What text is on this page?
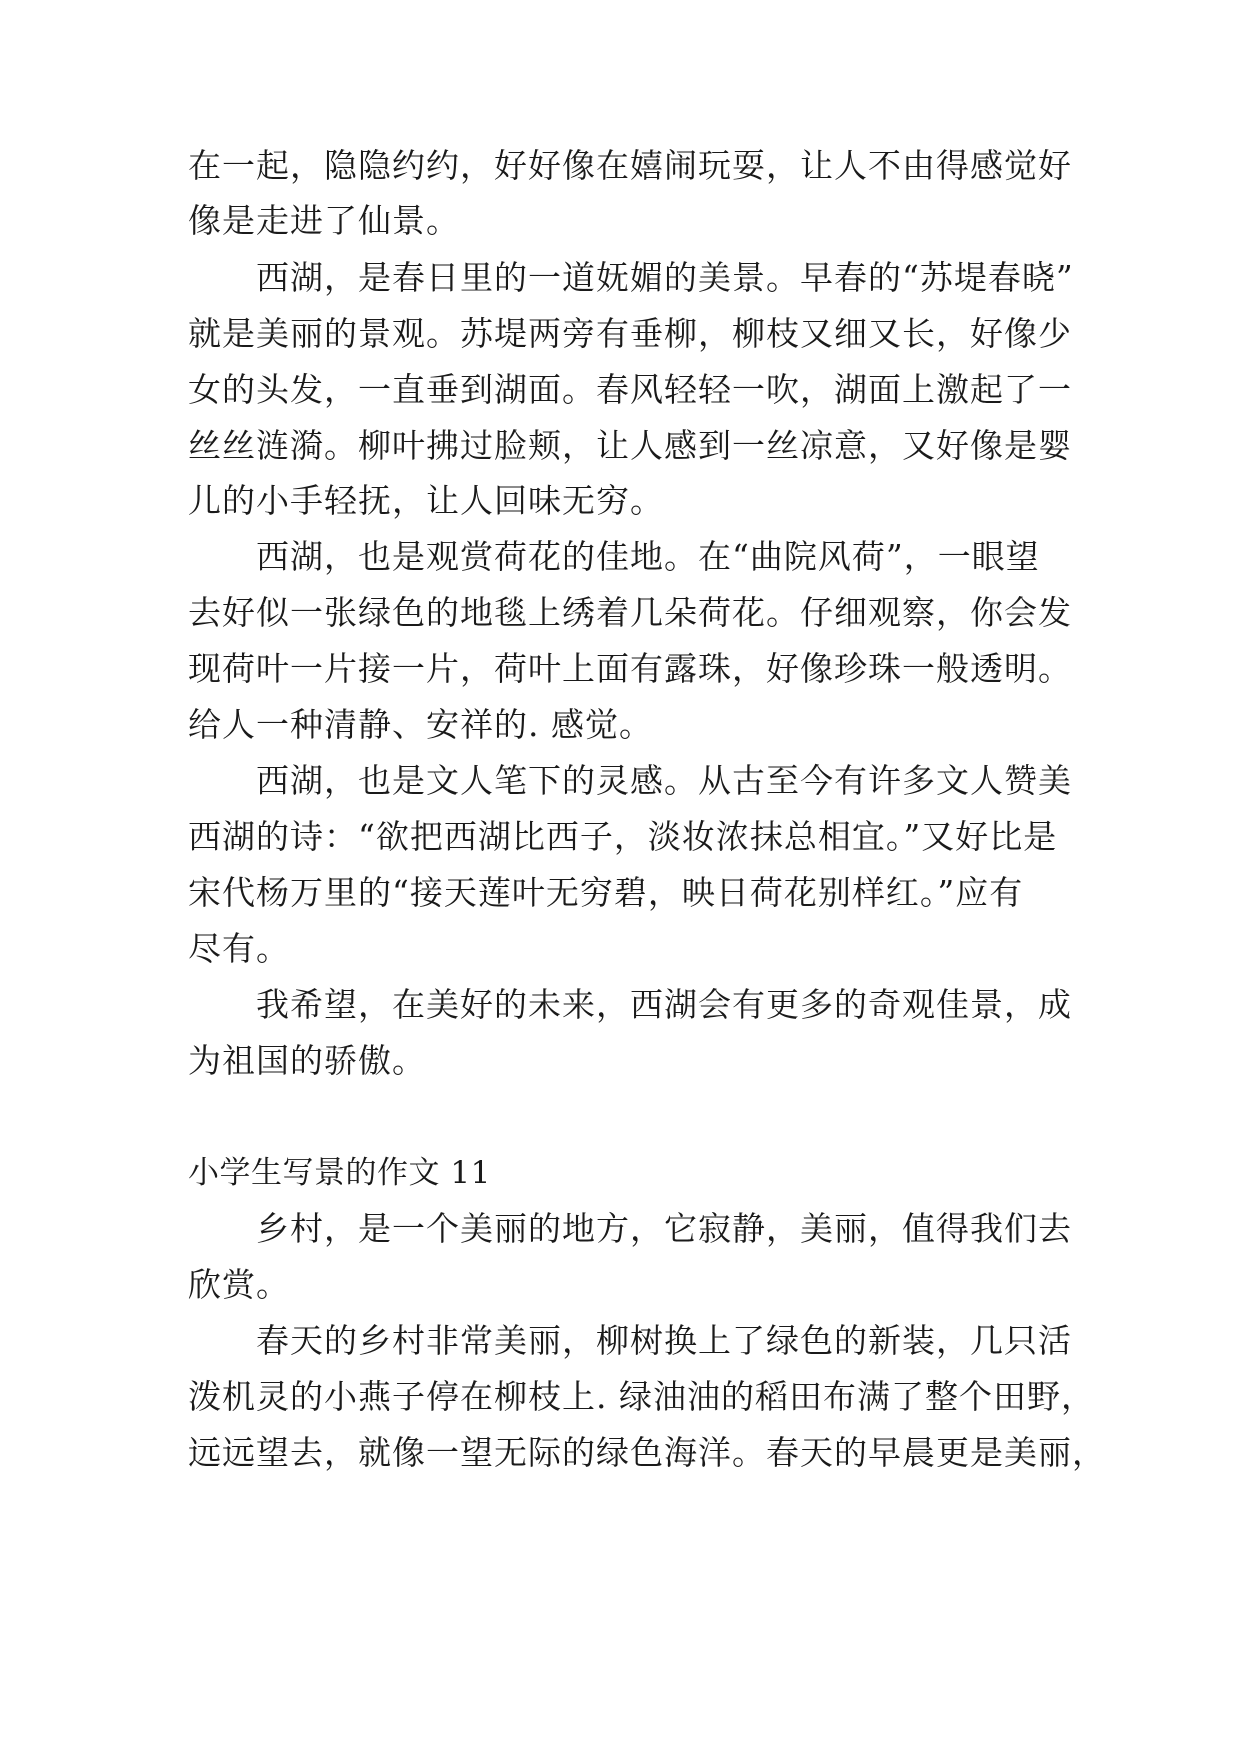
在一起，隐隐约约，好好像在嬉闹玩耍，让人不由得感觉好
像是走进了仙景。
西湖，是春日里的一道妩媚的美景。早春的“苏堤春晓”
就是美丽的景观。苏堤两旁有垂柳，柳枝又细又长，好像少
女的头发，一直垂到湖面。春风轻轻一吹，湖面上激起了一
丝丝涟漪。柳叶拂过脸颊，让人感到一丝凉意，又好像是婴
儿的小手轻抚，让人回味无穷。
西湖，也是观赏荷花的佳地。在“曲院风荷”，一眼望
去好似一张绿色的地毯上绣着几朵荷花。仔细观察，你会发
现荷叶一片接一片，荷叶上面有露珠，好像珍珠一般透明。
给人一种清静、安祥的. 感觉。
西湖，也是文人笔下的灵感。从古至今有许多文人赞美
西湖的诗：“欲把西湖比西子，淡妆浓抹总相宜。”又好比是
宋代杨万里的“接天莲叶无穷碧，映日荷花别样红。”应有
尽有。
我希望，在美好的未来，西湖会有更多的奇观佳景，成
为祖国的骄傲。
小学生写景的作文 11
乡村，是一个美丽的地方，它寂静，美丽，值得我们去
欣赏。
春天的乡村非常美丽，柳树换上了绿色的新装，几只活
泼机灵的小燕子停在柳枝上. 绿油油的稻田布满了整个田野，
远远望去，就像一望无际的绿色海洋。春天的早晨更是美丽，
